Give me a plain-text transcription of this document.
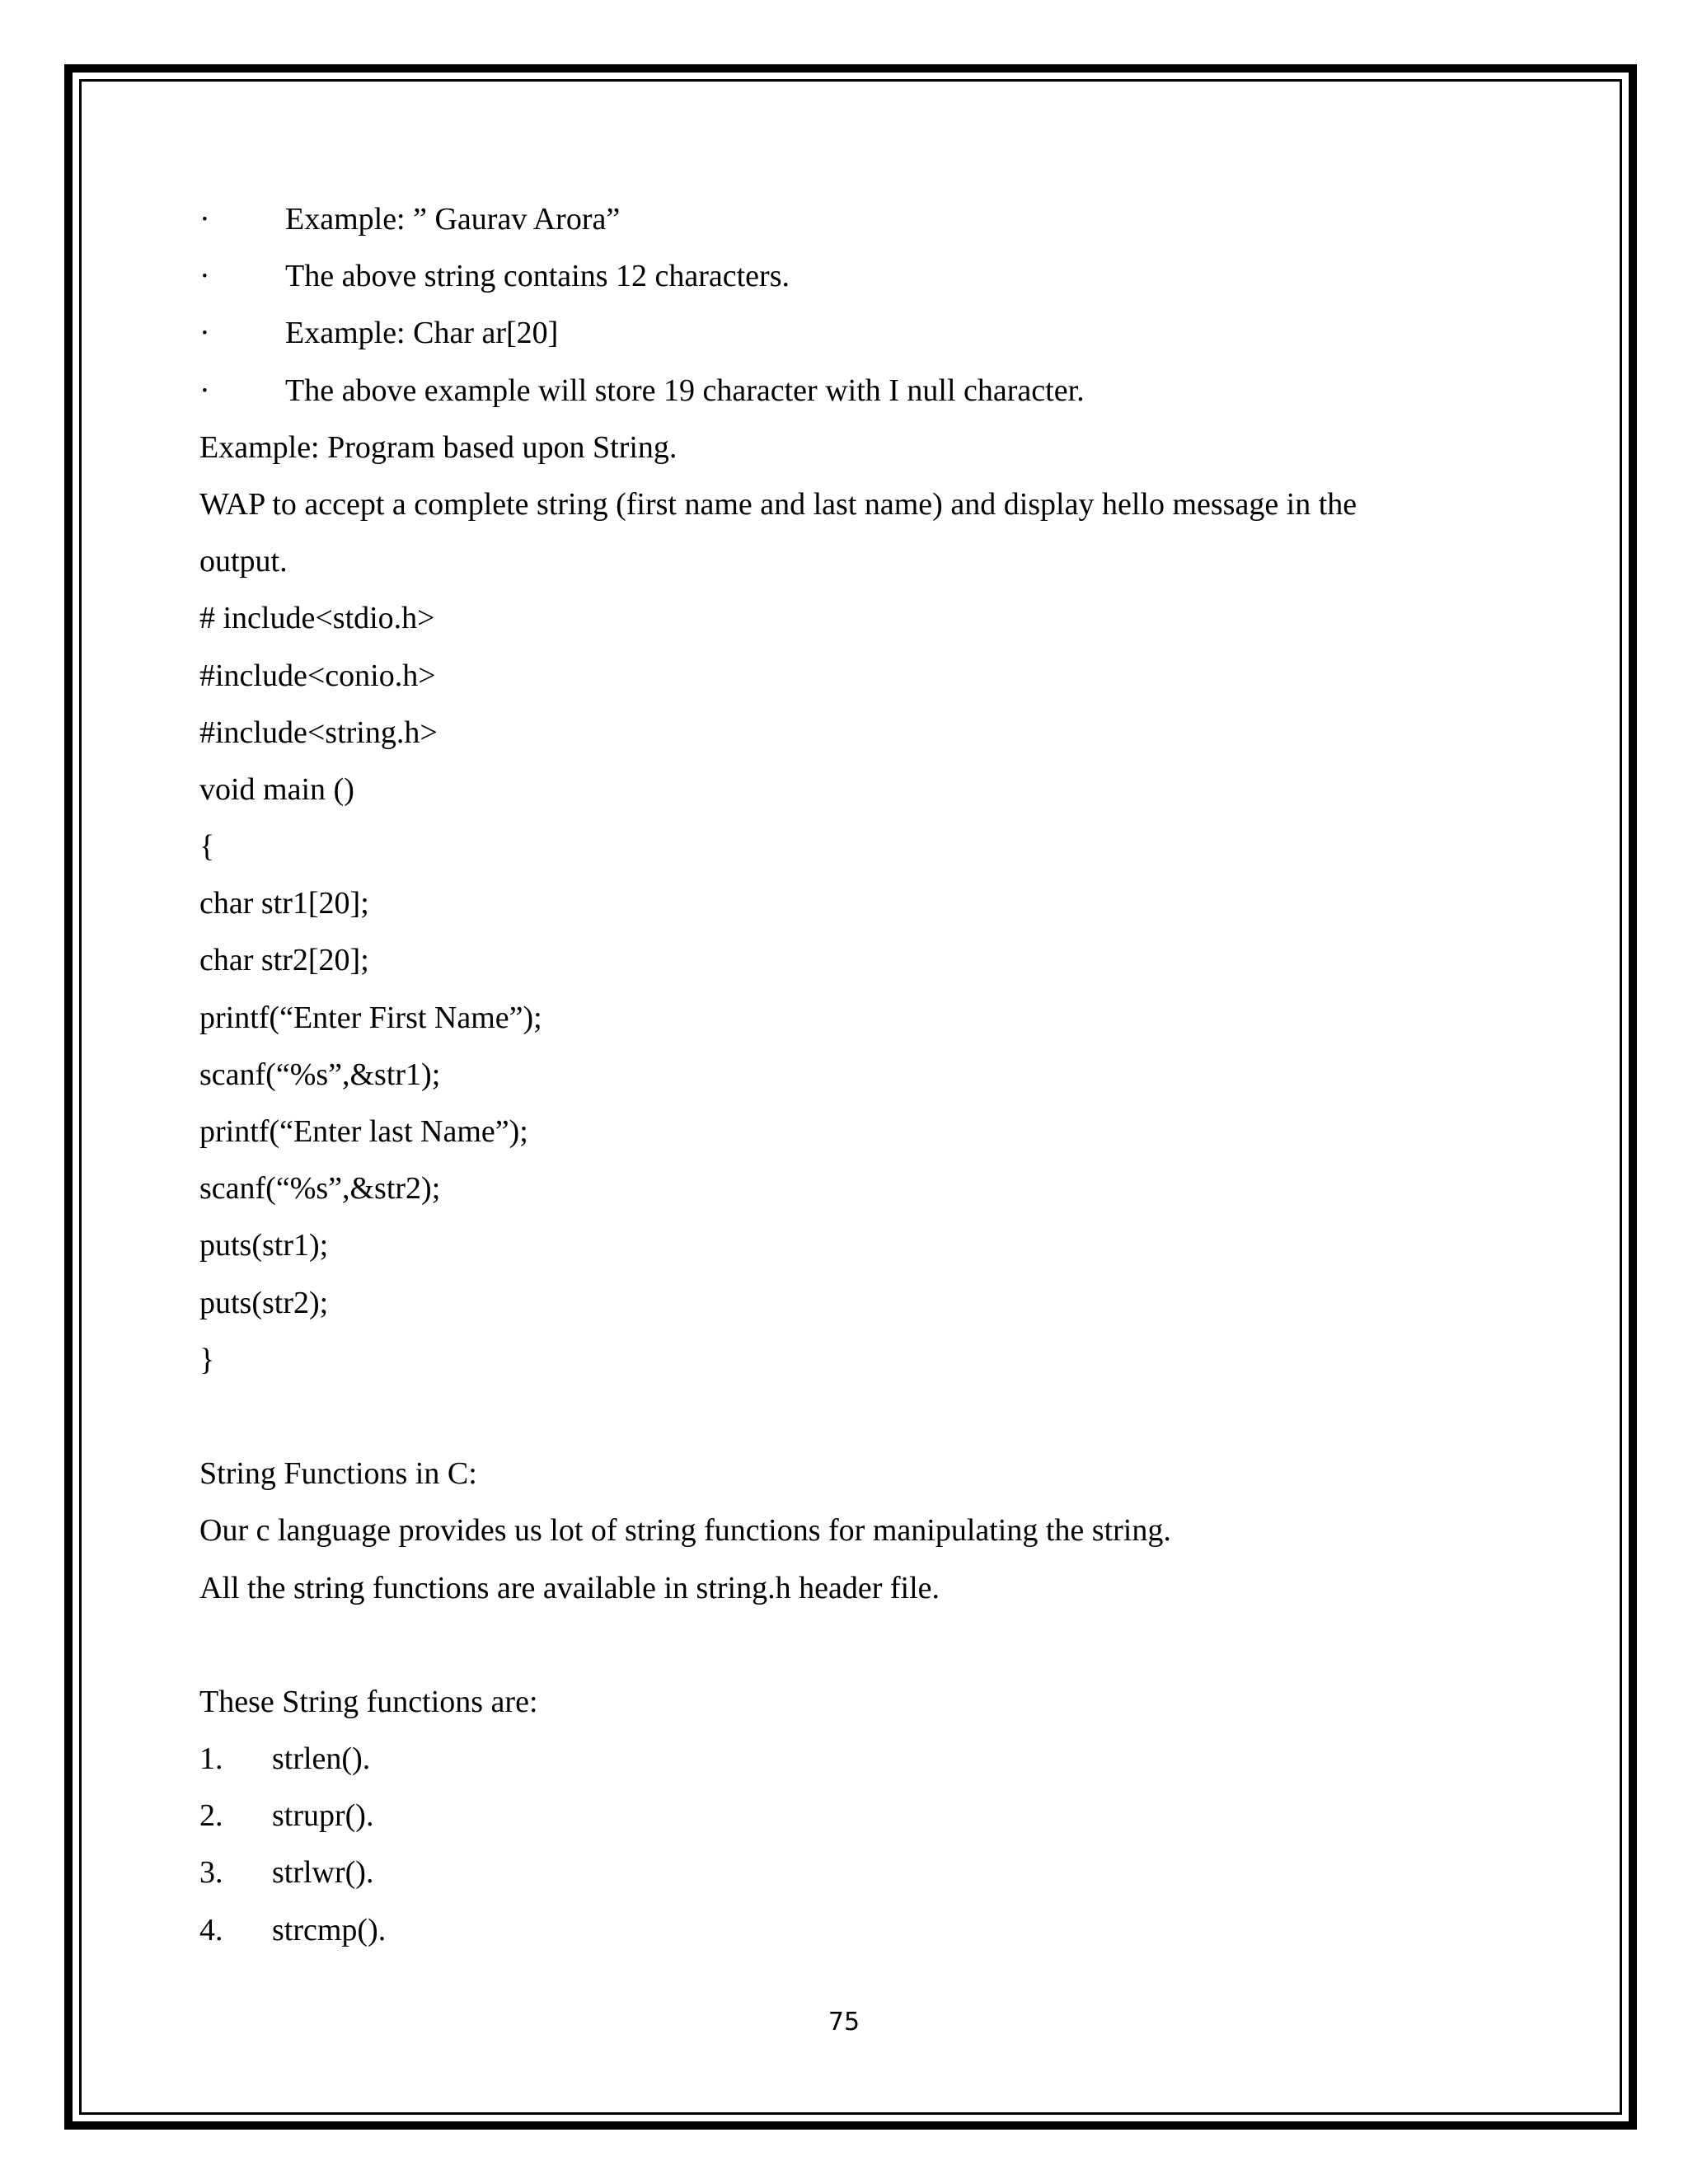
·

Example: ” Gaurav Arora”

·

The above string contains 12 characters.

·

Example: Char ar[20]

·

The above example will store 19 character with I null character.

Example: Program based upon String.
WAP to accept a complete string (first name and last name) and display hello message in the
output.
# include<stdio.h>
#include<conio.h>
#include<string.h>
void main ()
{
char str1[20];
char str2[20];
printf(“Enter First Name”);
scanf(“%s”,&str1);
printf(“Enter last Name”);
scanf(“%s”,&str2);
puts(str1);
puts(str2);
}
String Functions in C:
Our c language provides us lot of string functions for manipulating the string.
All the string functions are available in string.h header file.
These String functions are:

1.

strlen().

2.

strupr().

3.

strlwr().

4.

strcmp().

75
